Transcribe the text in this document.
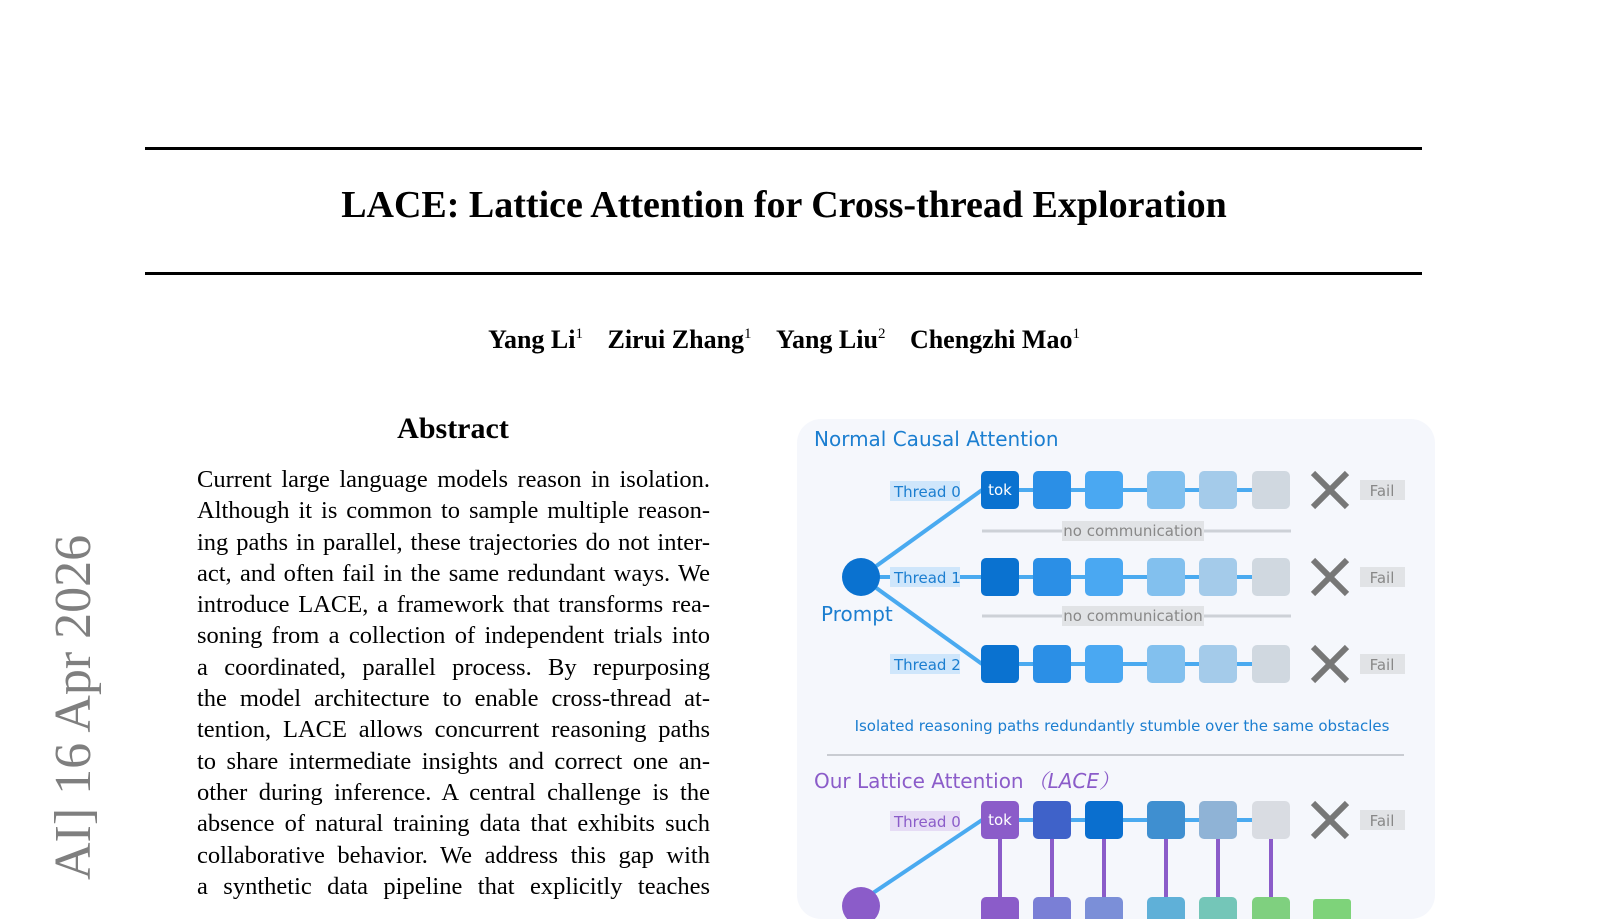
LACE: Lattice Attention for Cross-thread Exploration
Yang Li$^1$ Zirui Zhang$^1$ Yang Liu$^2$ Chengzhi Mao$^1$
AI] 16 Apr 2026
Abstract
Current large language models reason in isolation.
Although it is common to sample multiple reason-
ing paths in parallel, these trajectories do not inter-
act, and often fail in the same redundant ways. We
introduce LACE, a framework that transforms rea-
soning from a collection of independent trials into
a coordinated, parallel process. By repurposing
the model architecture to enable cross-thread at-
tention, LACE allows concurrent reasoning paths
to share intermediate insights and correct one an-
other during inference. A central challenge is the
absence of natural training data that exhibits such
collaborative behavior. We address this gap with
a synthetic data pipeline that explicitly teaches
Normal Causal Attention
Prompt
Thread 0 tok	Fail
no communication
Thread 1	Fail
no communication
Thread 2	Fail
Isolated reasoning paths redundantly stumble over the same obstacles
Our Lattice Attention （LACE）
Thread 0 tok	Fail
